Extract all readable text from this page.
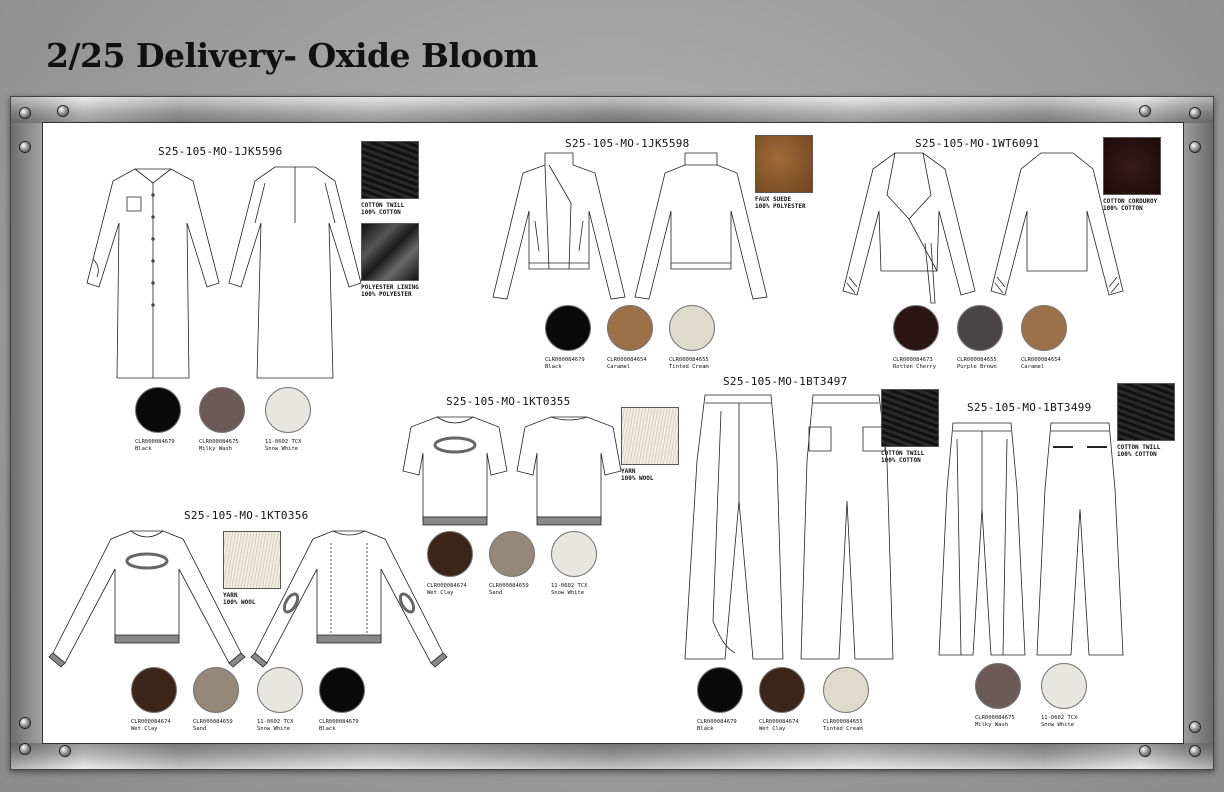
2/25 Delivery- Oxide Bloom
S25-105-MO-1JK5596
COTTON TWILL
100% COTTON
POLYESTER LINING
100% POLYESTER
CLR000084679
Black
CLR000084675
Milky Wash
11-0602 TCX
Snow White
S25-105-MO-1JK5598
FAUX SUEDE
100% POLYESTER
CLR000084679
Black
CLR000084654
Caramel
CLR000084655
Tinted Cream
S25-105-MO-1WT6091
COTTON CORDUROY
100% COTTON
CLR000084673
Rotten Cherry
CLR000084655
Purple Brown
CLR000084654
Caramel
S25-105-MO-1KT0355
YARN
100% WOOL
CLR000084674
Wet Clay
CLR000084659
Sand
11-0602 TCX
Snow White
S25-105-MO-1KT0356
YARN
100% WOOL
CLR000084674
Wet Clay
CLR000084659
Sand
11-0602 TCX
Snow White
CLR000084679
Black
S25-105-MO-1BT3497
COTTON TWILL
100% COTTON
CLR000084679
Black
CLR000084674
Wet Clay
CLR000084655
Tinted Cream
S25-105-MO-1BT3499
COTTON TWILL
100% COTTON
CLR000084675
Milky Wash
11-0602 TCX
Snow White
